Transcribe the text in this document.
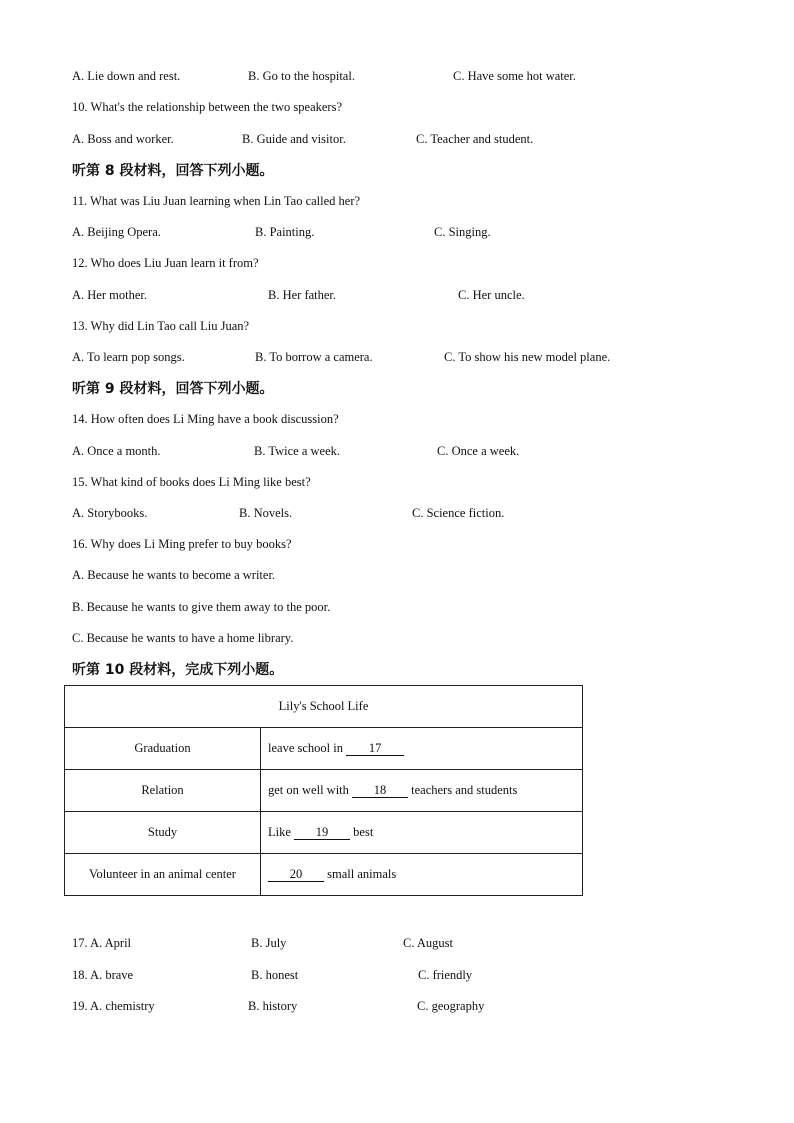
A. Lie down and rest.	B. Go to the hospital.	C. Have some hot water.
10. What's the relationship between the two speakers?
A. Boss and worker.	B. Guide and visitor.	C. Teacher and student.
听第 8 段材料，回答下列小题。
11. What was Liu Juan learning when Lin Tao called her?
A. Beijing Opera.	B. Painting.	C. Singing.
12. Who does Liu Juan learn it from?
A. Her mother.	B. Her father.	C. Her uncle.
13. Why did Lin Tao call Liu Juan?
A. To learn pop songs.	B. To borrow a camera.	C. To show his new model plane.
听第 9 段材料，回答下列小题。
14. How often does Li Ming have a book discussion?
A. Once a month.	B. Twice a week.	C. Once a week.
15. What kind of books does Li Ming like best?
A. Storybooks.	B. Novels.	C. Science fiction.
16. Why does Li Ming prefer to buy books?
A. Because he wants to become a writer.
B. Because he wants to give them away to the poor.
C. Because he wants to have a home library.
听第 10 段材料，完成下列小题。
Lily's School Life	
Graduation	leave school in 17
Relation	get on well with 18 teachers and students
Study	Like 19 best
Volunteer in an animal center	20 small animals
17. A. April	B. July	C. August
18. A. brave	B. honest	C. friendly
19. A. chemistry	B. history	C. geography
